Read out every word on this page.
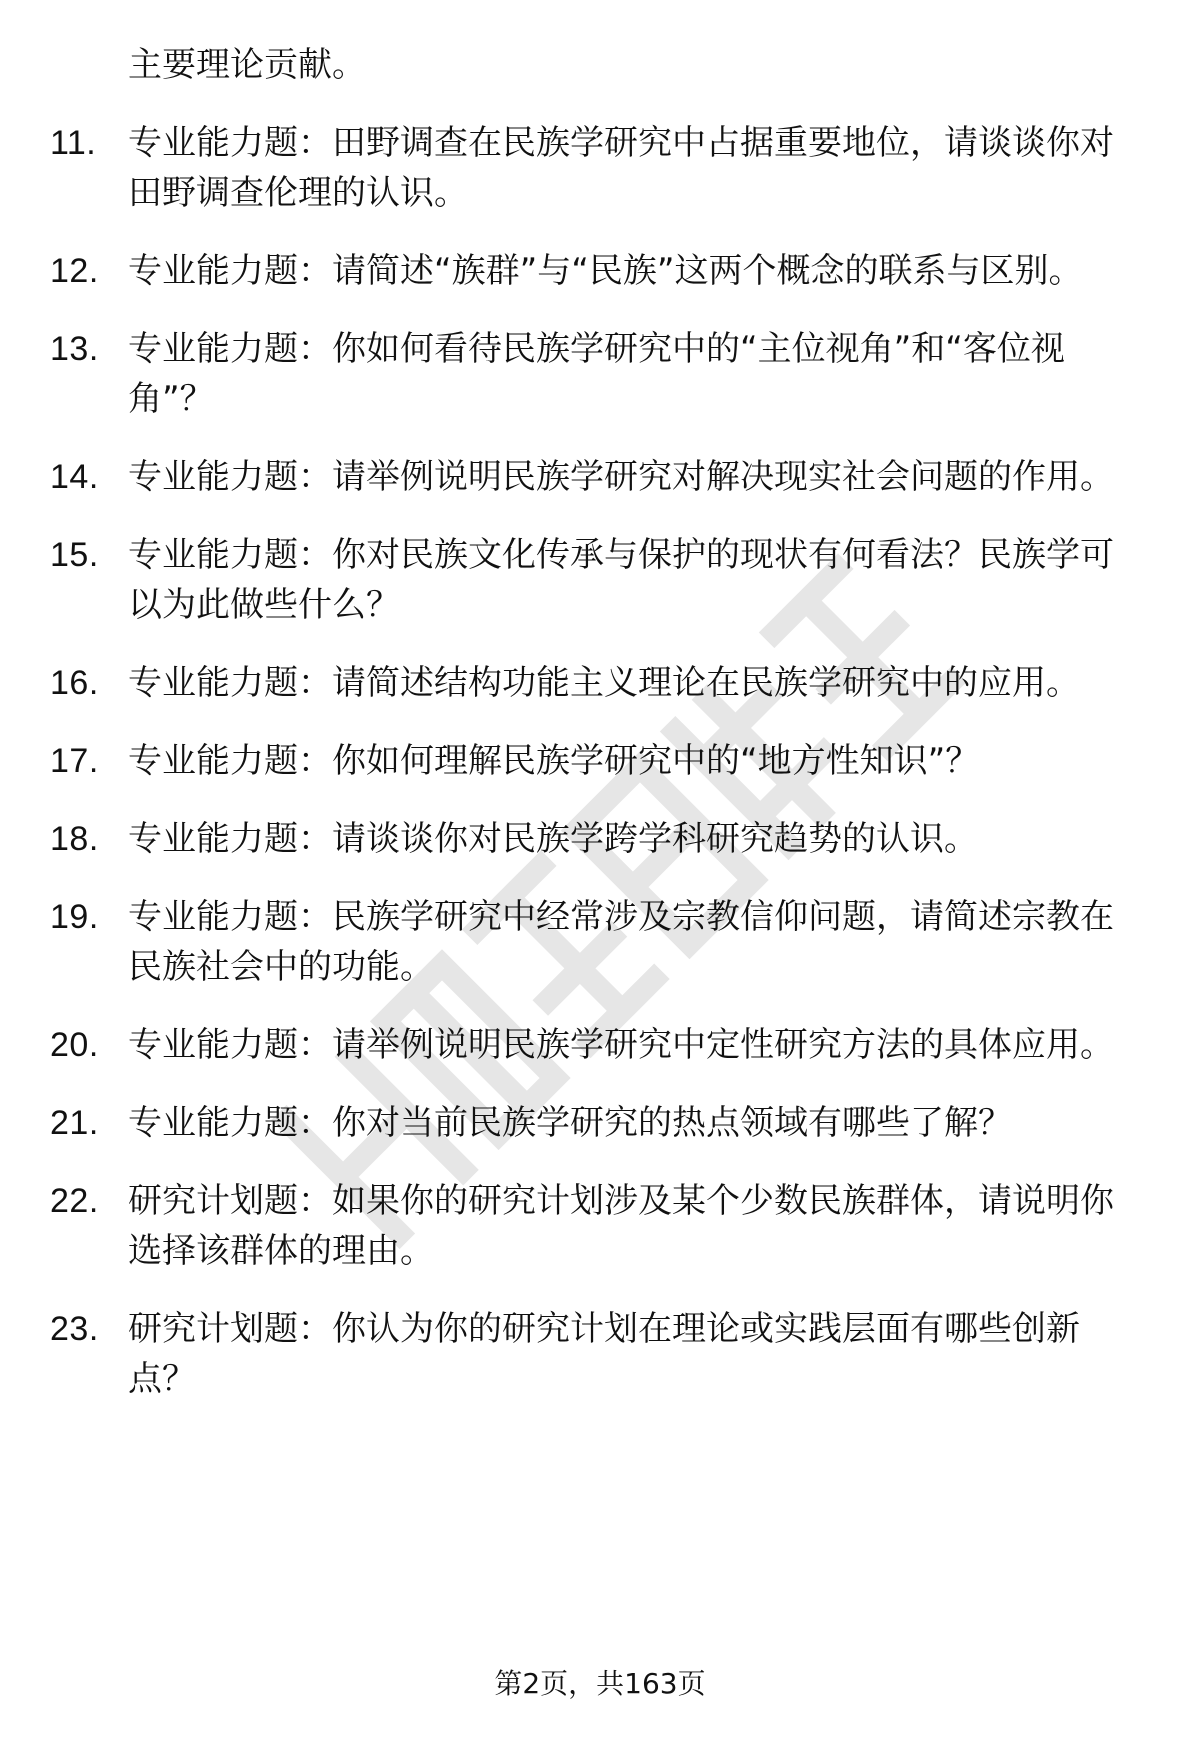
主要理论贡献。
11. 专业能力题：田野调查在民族学研究中占据重要地位，请谈谈你对田野调查伦理的认识。
12. 专业能力题：请简述“族群”与“民族”这两个概念的联系与区别。
13. 专业能力题：你如何看待民族学研究中的“主位视角”和“客位视角”？
14. 专业能力题：请举例说明民族学研究对解决现实社会问题的作用。
15. 专业能力题：你对民族文化传承与保护的现状有何看法？民族学可以为此做些什么？
16. 专业能力题：请简述结构功能主义理论在民族学研究中的应用。
17. 专业能力题：你如何理解民族学研究中的“地方性知识”？
18. 专业能力题：请谈谈你对民族学跨学科研究趋势的认识。
19. 专业能力题：民族学研究中经常涉及宗教信仰问题，请简述宗教在民族社会中的功能。
20. 专业能力题：请举例说明民族学研究中定性研究方法的具体应用。
21. 专业能力题：你对当前民族学研究的热点领域有哪些了解？
22. 研究计划题：如果你的研究计划涉及某个少数民族群体，请说明你选择该群体的理由。
23. 研究计划题：你认为你的研究计划在理论或实践层面有哪些创新点？
第2页，共163页
